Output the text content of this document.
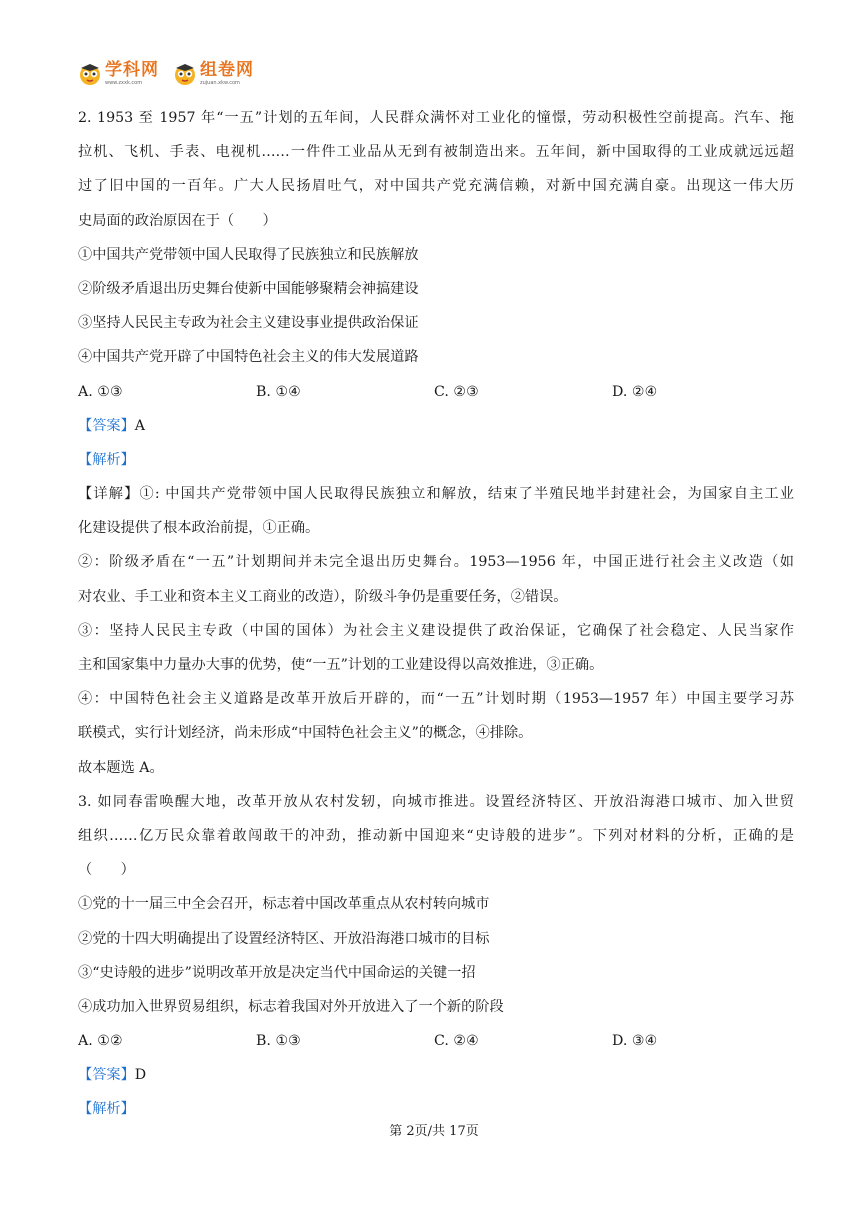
学科网
www.zxxk.com
组卷网
zujuan.xkw.com
2. 1953 至 1957 年“一五”计划的五年间，人民群众满怀对工业化的憧憬，劳动积极性空前提高。汽车、拖
拉机、飞机、手表、电视机……一件件工业品从无到有被制造出来。五年间，新中国取得的工业成就远远超
过了旧中国的一百年。广大人民扬眉吐气，对中国共产党充满信赖，对新中国充满自豪。出现这一伟大历
史局面的政治原因在于（　　）
①中国共产党带领中国人民取得了民族独立和民族解放
②阶级矛盾退出历史舞台使新中国能够聚精会神搞建设
③坚持人民民主专政为社会主义建设事业提供政治保证
④中国共产党开辟了中国特色社会主义的伟大发展道路
A. ①③	B. ①④	C. ②③	D. ②④
【答案】A
【解析】
【详解】①: 中国共产党带领中国人民取得民族独立和解放，结束了半殖民地半封建社会，为国家自主工业
化建设提供了根本政治前提，①正确。
②：阶级矛盾在“一五”计划期间并未完全退出历史舞台。1953—1956 年，中国正进行社会主义改造（如
对农业、手工业和资本主义工商业的改造），阶级斗争仍是重要任务，②错误。
③：坚持人民民主专政（中国的国体）为社会主义建设提供了政治保证，它确保了社会稳定、人民当家作
主和国家集中力量办大事的优势，使“一五”计划的工业建设得以高效推进，③正确。
④：中国特色社会主义道路是改革开放后开辟的，而“一五”计划时期（1953—1957 年）中国主要学习苏
联模式，实行计划经济，尚未形成“中国特色社会主义”的概念，④排除。
故本题选 A。
3. 如同春雷唤醒大地，改革开放从农村发轫，向城市推进。设置经济特区、开放沿海港口城市、加入世贸
组织……亿万民众靠着敢闯敢干的冲劲，推动新中国迎来“史诗般的进步”。下列对材料的分析，正确的是
（　　）
①党的十一届三中全会召开，标志着中国改革重点从农村转向城市
②党的十四大明确提出了设置经济特区、开放沿海港口城市的目标
③“史诗般的进步”说明改革开放是决定当代中国命运的关键一招
④成功加入世界贸易组织，标志着我国对外开放进入了一个新的阶段
A. ①②	B. ①③	C. ②④	D. ③④
【答案】D
【解析】
第 2页/共 17页
